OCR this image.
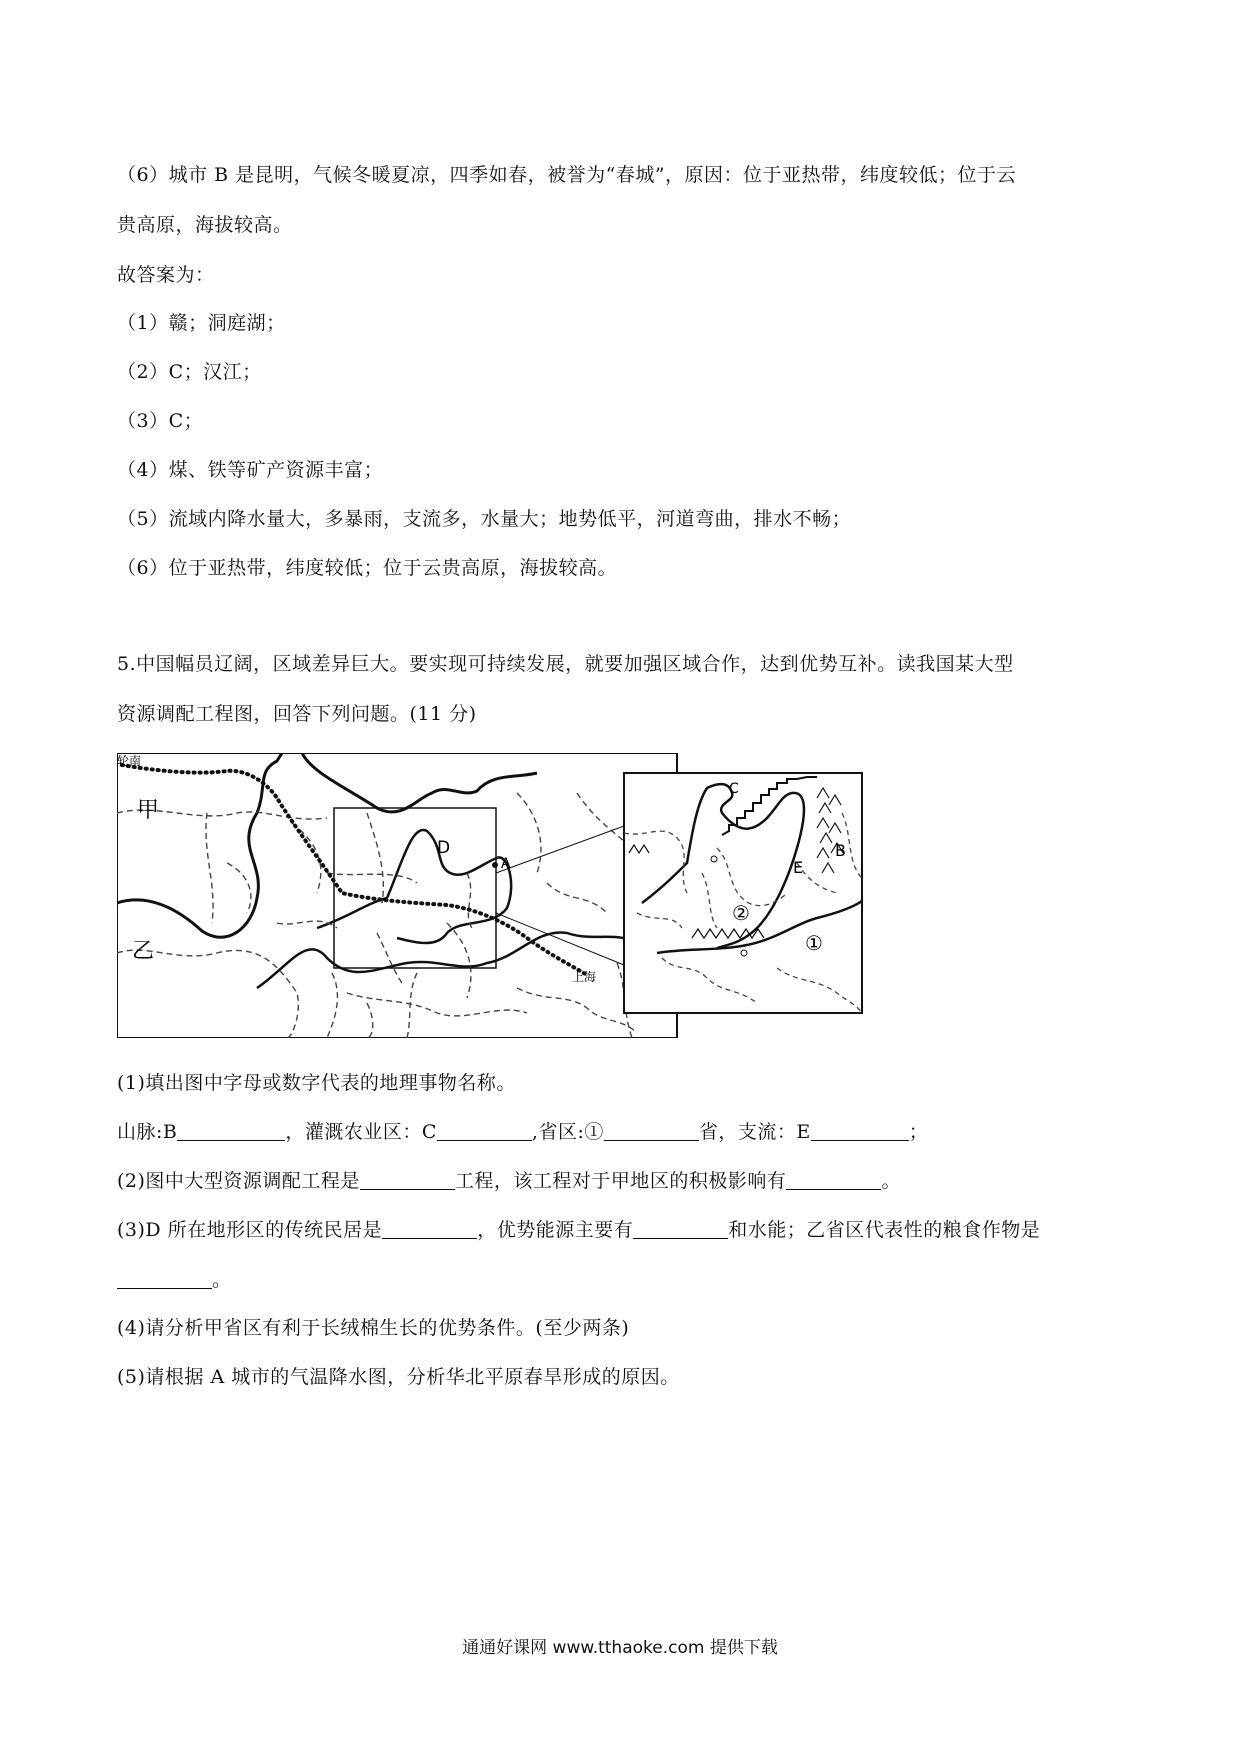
（6）城市 B 是昆明，气候冬暖夏凉，四季如春，被誉为“春城”，原因：位于亚热带，纬度较低；位于云
贵高原，海拔较高。
故答案为：
（1）赣；洞庭湖；
（2）C；汉江；
（3）C；
（4）煤、铁等矿产资源丰富；
（5）流域内降水量大，多暴雨，支流多，水量大；地势低平，河道弯曲，排水不畅；
（6）位于亚热带，纬度较低；位于云贵高原，海拔较高。
5.中国幅员辽阔，区域差异巨大。要实现可持续发展，就要加强区域合作，达到优势互补。读我国某大型
资源调配工程图，回答下列问题。(11 分)
轮南
甲
乙
D
A
上海
C
B
E
②
①
(1)填出图中字母或数字代表的地理事物名称。
山脉:B	，灌溉农业区：C	,省区:①	省，支流：E	；
(2)图中大型资源调配工程是	工程，该工程对于甲地区的积极影响有	。
(3)D 所在地形区的传统民居是	，优势能源主要有	和水能；乙省区代表性的粮食作物是
。
(4)请分析甲省区有利于长绒棉生长的优势条件。(至少两条)
(5)请根据 A 城市的气温降水图，分析华北平原春旱形成的原因。
通通好课网 www.tthaoke.com 提供下载
